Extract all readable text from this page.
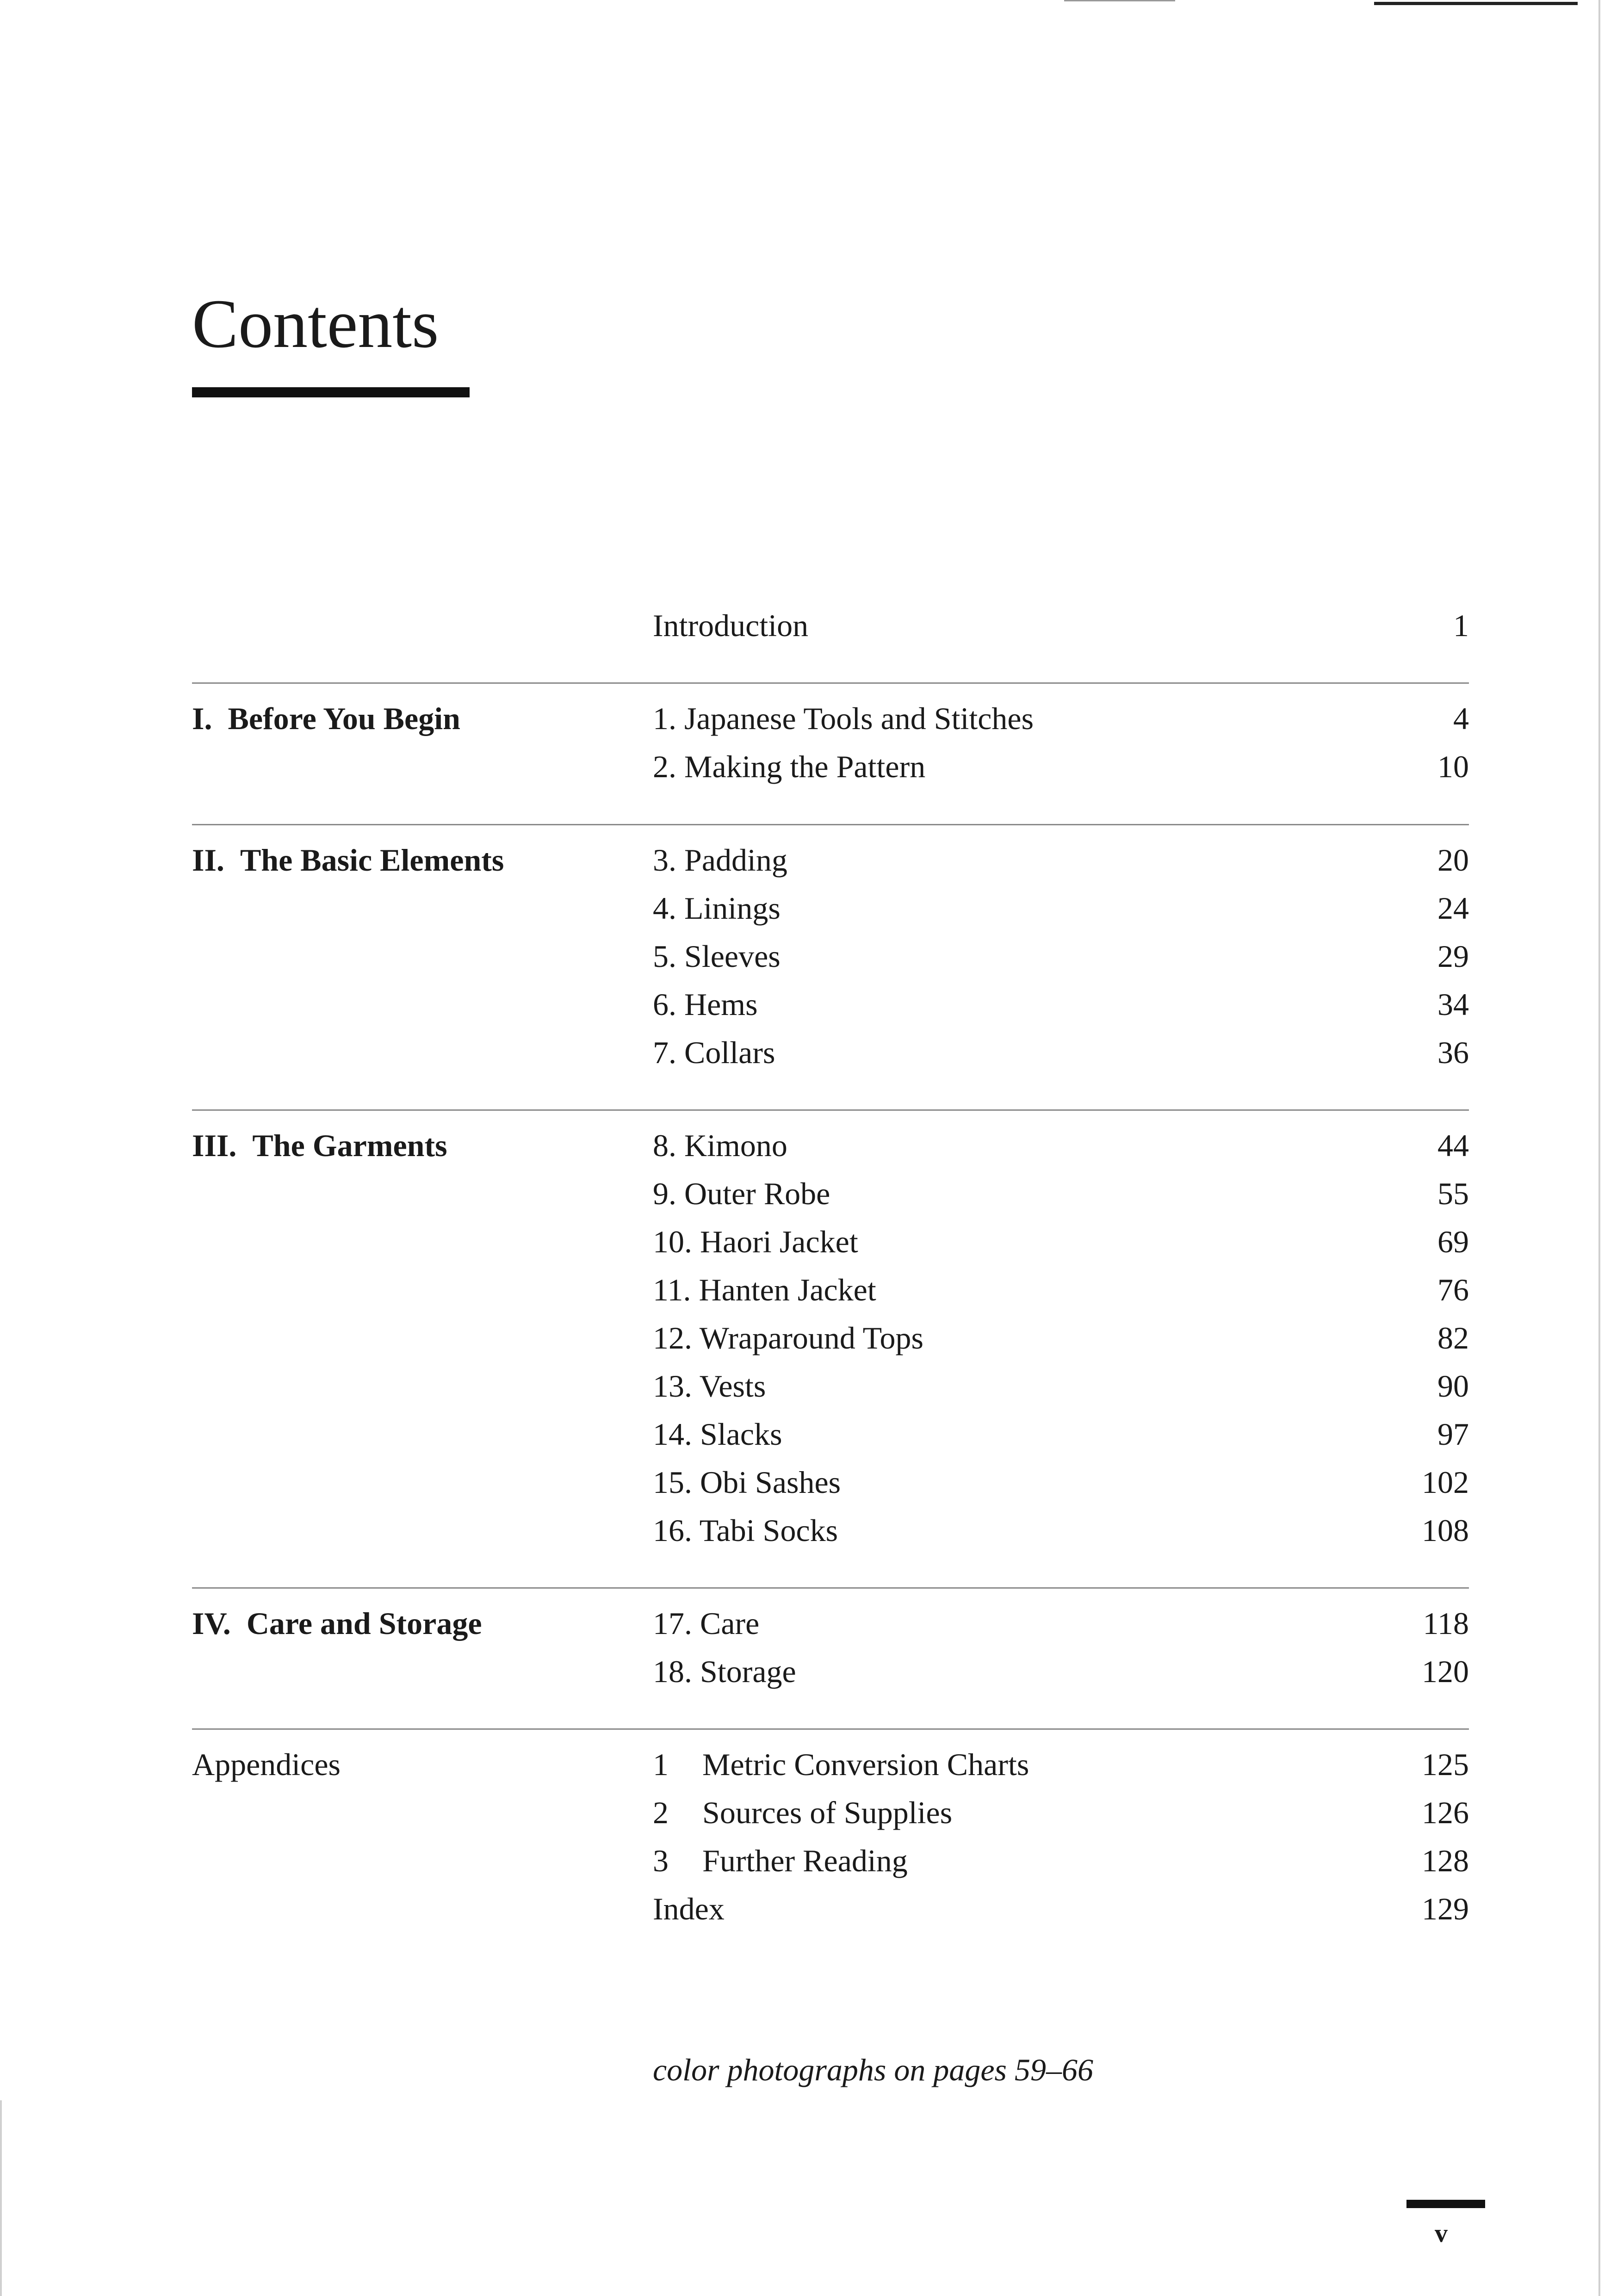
Contents
Introduction	1
I. Before You Begin	1. Japanese Tools and Stitches	4
2. Making the Pattern	10
II. The Basic Elements	3. Padding	20
4. Linings	24
5. Sleeves	29
6. Hems	34
7. Collars	36
III. The Garments	8. Kimono	44
9. Outer Robe	55
10. Haori Jacket	69
11. Hanten Jacket	76
12. Wraparound Tops	82
13. Vests	90
14. Slacks	97
15. Obi Sashes	102
16. Tabi Socks	108
IV. Care and Storage	17. Care	118
18. Storage	120
Appendices	1 Metric Conversion Charts	125
2 Sources of Supplies	126
3 Further Reading	128
Index	129
color photographs on pages 59–66
v
